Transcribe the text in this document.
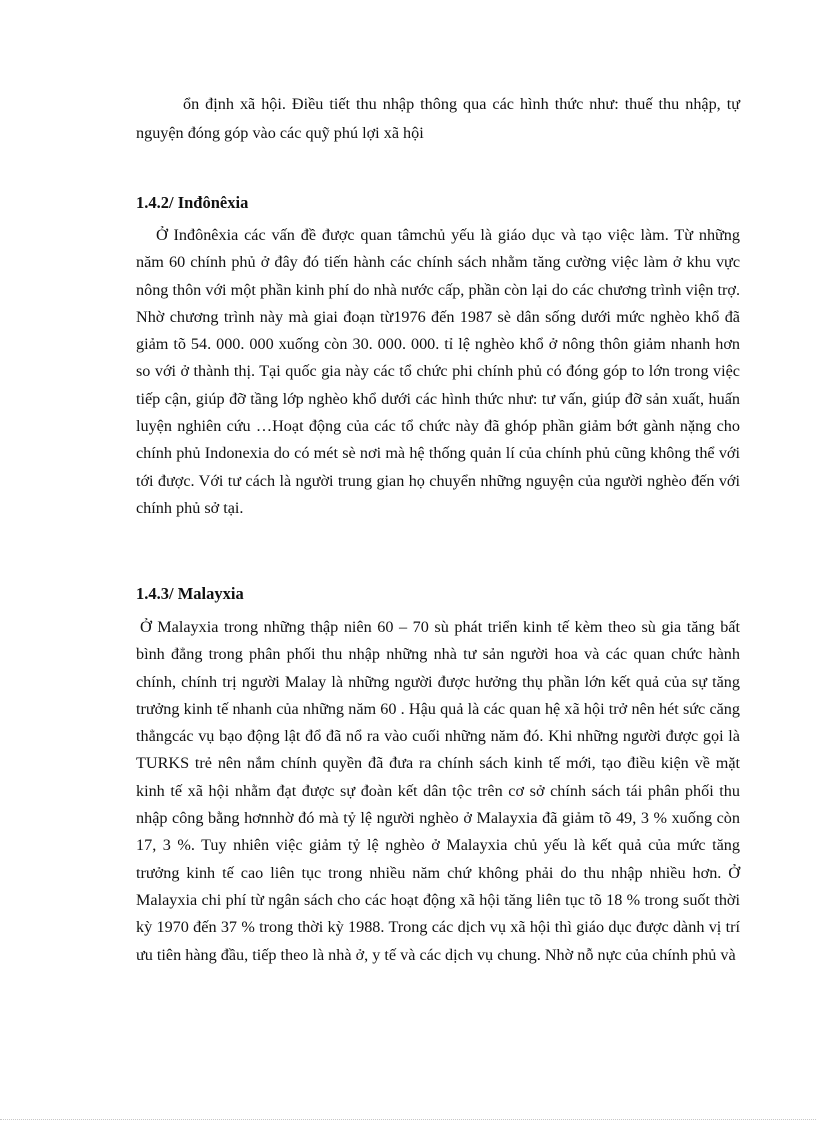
ổn định xã hội. Điều tiết thu nhập thông qua các hình thức như: thuế thu nhập, tự nguyện đóng góp vào các quỹ phú lợi xã hội

1.4.2/ Inđônêxia

Ở Inđônêxia các vấn đề được quan tâmchủ yếu là giáo dục và tạo việc làm. Từ những năm 60 chính phủ ở đây đó tiến hành các chính sách nhằm tăng cường việc làm ở khu vực nông thôn với một phần kinh phí do nhà nước cấp, phần còn lại do các chương trình viện trợ. Nhờ chương trình này mà giai đoạn từ1976 đến 1987 sè dân sống dưới mức nghèo khổ đã giảm tõ 54. 000. 000 xuống còn 30. 000. 000. tỉ lệ nghèo khổ ở nông thôn giảm nhanh hơn so với ở thành thị. Tại quốc gia này các tổ chức phi chính phủ có đóng góp to lớn trong việc tiếp cận, giúp đỡ tầng lớp nghèo khổ dưới các hình thức như: tư vấn, giúp đỡ sản xuất, huấn luyện nghiên cứu …Hoạt động của các tổ chức này đã ghóp phần giảm bớt gành nặng cho chính phủ Indonexia do có mét sè nơi mà hệ thống quản lí của chính phủ cũng không thể với tới được. Với tư cách là người trung gian họ chuyển những nguyện của người nghèo đến với chính phủ sở tại.

1.4.3/ Malayxia

Ở Malayxia trong những thập niên 60 – 70 sù phát triển kinh tế kèm theo sù gia tăng bất bình đẳng trong phân phối thu nhập những nhà tư sản người hoa và các quan chức hành chính, chính trị người Malay là những người được hưởng thụ phần lớn kết quả của sự tăng trưởng kinh tế nhanh của những năm 60 . Hậu quả là các quan hệ xã hội trở nên hét sức căng thẳngcác vụ bạo động lật đổ đã nổ ra vào cuối những năm đó. Khi những người được gọi là TURKS trẻ nên nắm chính quyền đã đưa ra chính sách kinh tế mới, tạo điều kiện về mặt kinh tế xã hội nhằm đạt được sự đoàn kết dân tộc trên cơ sở chính sách tái phân phối thu nhập công bằng hơnnhờ đó mà tỷ lệ người nghèo ở Malayxia đã giảm tõ 49, 3 % xuống còn 17, 3 %. Tuy nhiên việc giảm tỷ lệ nghèo ở Malayxia chủ yếu là kết quả của mức tăng trưởng kinh tế cao liên tục trong nhiều năm chứ không phải do thu nhập nhiều hơn. Ở Malayxia chi phí từ ngân sách cho các hoạt động xã hội tăng liên tục tõ 18 % trong suốt thời kỳ 1970 đến 37 % trong thời kỳ 1988. Trong các dịch vụ xã hội thì giáo dục được dành vị trí ưu tiên hàng đầu, tiếp theo là nhà ở, y tế và các dịch vụ chung. Nhờ nỗ nực của chính phủ và
